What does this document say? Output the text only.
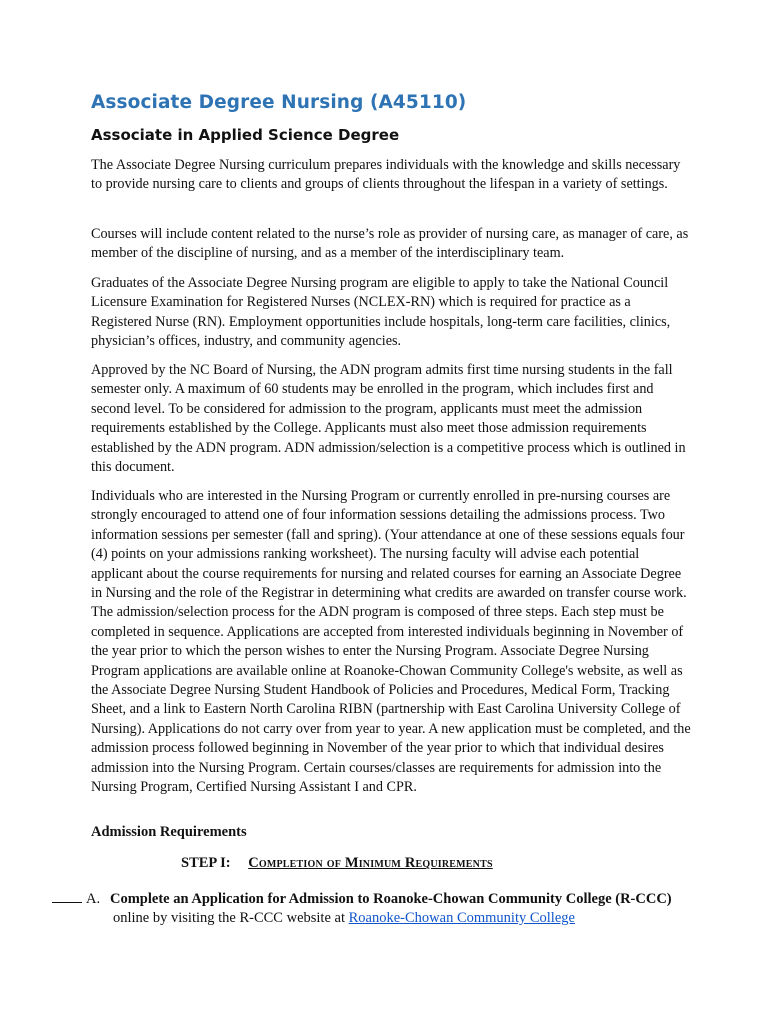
Associate Degree Nursing (A45110)
Associate in Applied Science Degree

The Associate Degree Nursing curriculum prepares individuals with the knowledge and skills necessary to provide nursing care to clients and groups of clients throughout the lifespan in a variety of settings.

Courses will include content related to the nurse’s role as provider of nursing care, as manager of care, as member of the discipline of nursing, and as a member of the interdisciplinary team.

Graduates of the Associate Degree Nursing program are eligible to apply to take the National Council Licensure Examination for Registered Nurses (NCLEX-RN) which is required for practice as a Registered Nurse (RN). Employment opportunities include hospitals, long-term care facilities, clinics, physician’s offices, industry, and community agencies.

Approved by the NC Board of Nursing, the ADN program admits first time nursing students in the fall semester only. A maximum of 60 students may be enrolled in the program, which includes first and second level. To be considered for admission to the program, applicants must meet the admission requirements established by the College. Applicants must also meet those admission requirements established by the ADN program. ADN admission/selection is a competitive process which is outlined in this document.

Individuals who are interested in the Nursing Program or currently enrolled in pre-nursing courses are strongly encouraged to attend one of four information sessions detailing the admissions process. Two information sessions per semester (fall and spring). (Your attendance at one of these sessions equals four (4) points on your admissions ranking worksheet). The nursing faculty will advise each potential applicant about the course requirements for nursing and related courses for earning an Associate Degree in Nursing and the role of the Registrar in determining what credits are awarded on transfer course work. The admission/selection process for the ADN program is composed of three steps. Each step must be completed in sequence. Applications are accepted from interested individuals beginning in November of the year prior to which the person wishes to enter the Nursing Program. Associate Degree Nursing Program applications are available online at Roanoke-Chowan Community College's website, as well as the Associate Degree Nursing Student Handbook of Policies and Procedures, Medical Form, Tracking Sheet, and a link to Eastern North Carolina RIBN (partnership with East Carolina University College of Nursing). Applications do not carry over from year to year. A new application must be completed, and the admission process followed beginning in November of the year prior to which that individual desires admission into the Nursing Program. Certain courses/classes are requirements for admission into the Nursing Program, Certified Nursing Assistant I and CPR.

Admission Requirements

STEP I: Completion of Minimum Requirements
A. Complete an Application for Admission to Roanoke-Chowan Community College (R-CCC)
online by visiting the R-CCC website at Roanoke-Chowan Community College
